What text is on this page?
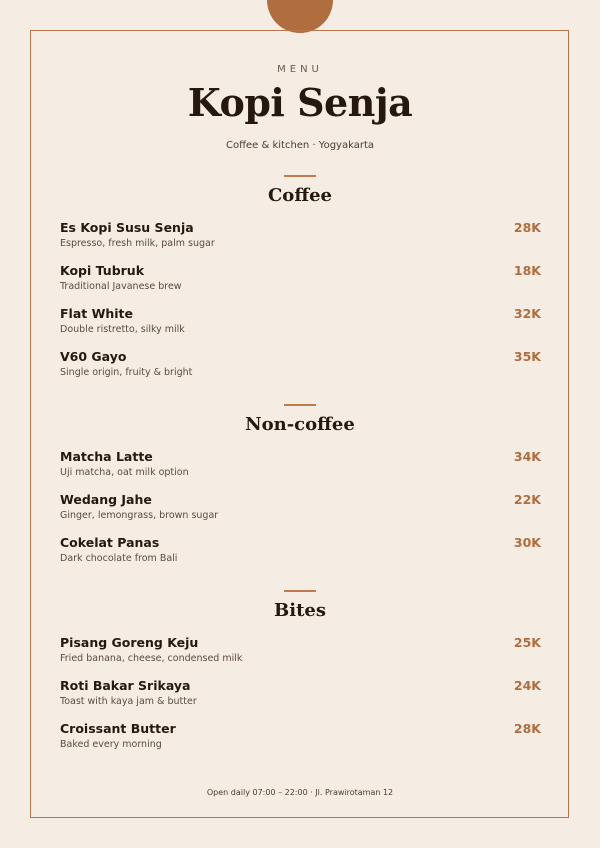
MENU
Kopi Senja
Coffee & kitchen · Yogyakarta
Coffee
Es Kopi Susu Senja
Espresso, fresh milk, palm sugar
28K
Kopi Tubruk
Traditional Javanese brew
18K
Flat White
Double ristretto, silky milk
32K
V60 Gayo
Single origin, fruity & bright
35K
Non-coffee
Matcha Latte
Uji matcha, oat milk option
34K
Wedang Jahe
Ginger, lemongrass, brown sugar
22K
Cokelat Panas
Dark chocolate from Bali
30K
Bites
Pisang Goreng Keju
Fried banana, cheese, condensed milk
25K
Roti Bakar Srikaya
Toast with kaya jam & butter
24K
Croissant Butter
Baked every morning
28K
Open daily 07:00 – 22:00 · Jl. Prawirotaman 12
